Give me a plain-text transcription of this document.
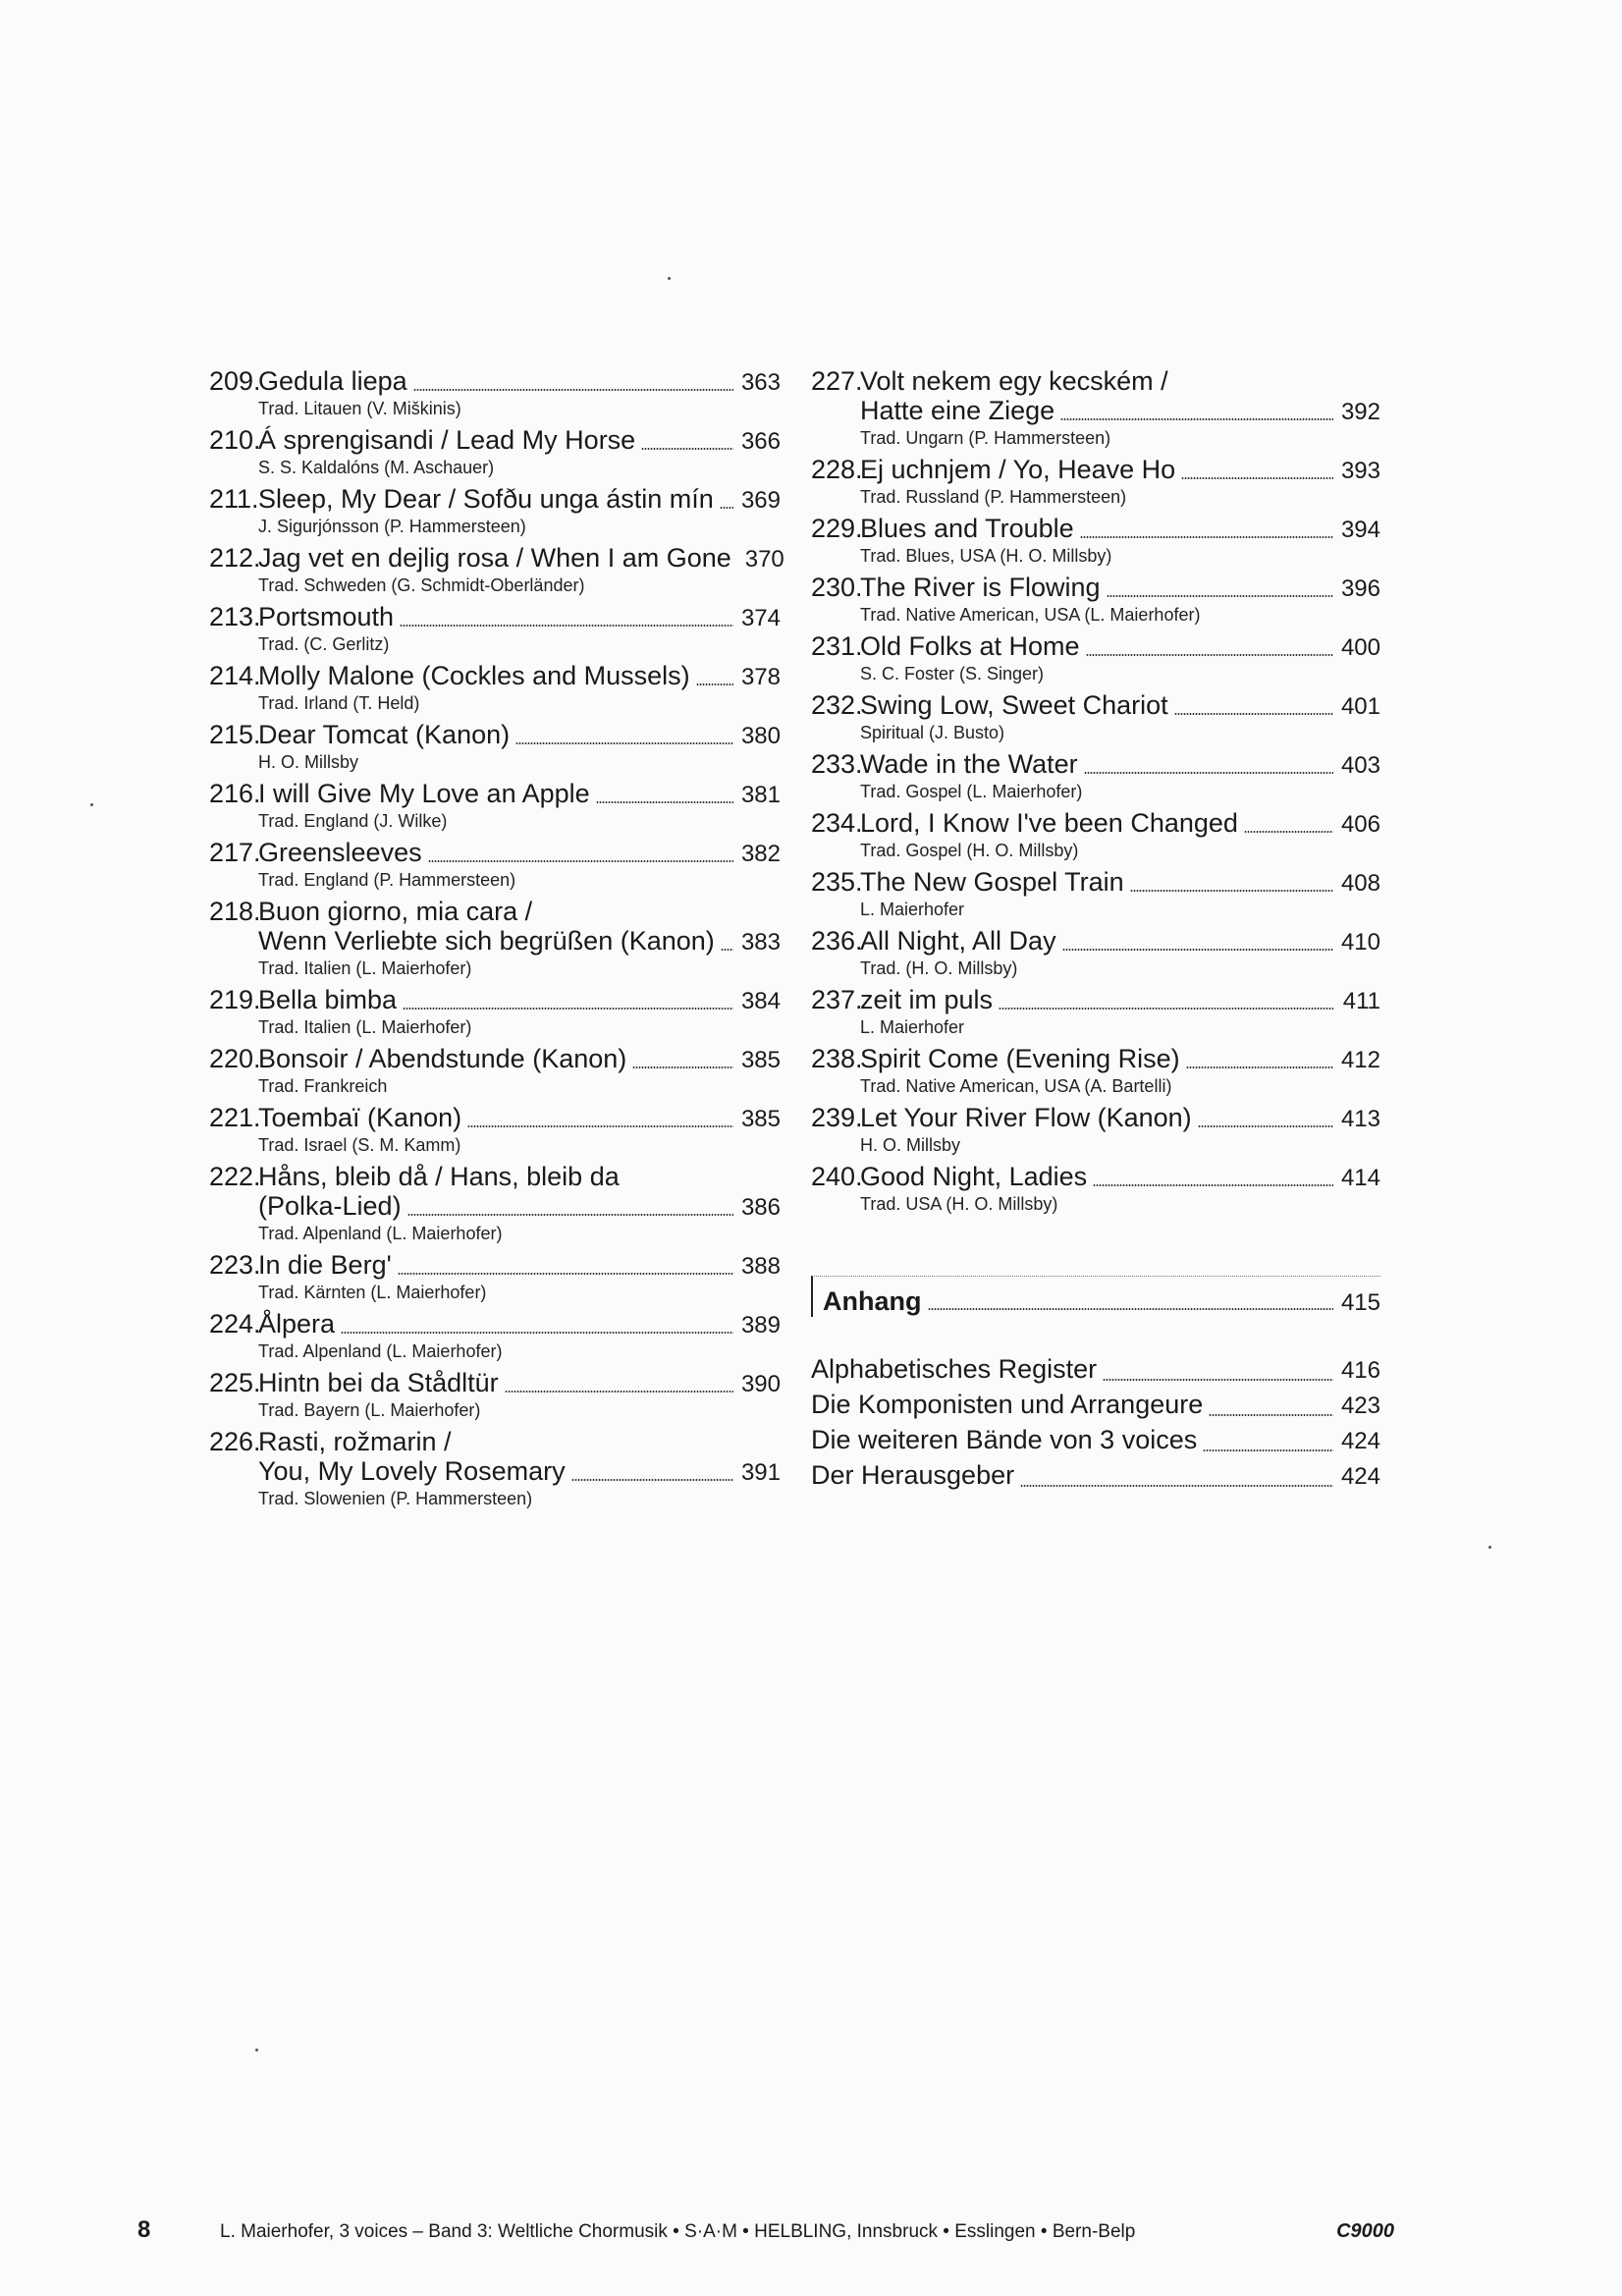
209.
Gedula liepa	363
Trad. Litauen (V. Miškinis)
210.
Á sprengisandi / Lead My Horse	366
S. S. Kaldalóns (M. Aschauer)
211. Sleep, My Dear / Sofðu unga ástin mín 369
J. Sigurjónsson (P. Hammersteen)
212.
Jag vet en dejlig rosa / When I am Gone 370
Trad. Schweden (G. Schmidt-Oberländer)
213.
Portsmouth	374
Trad. (C. Gerlitz)
214.
Molly Malone (Cockles and Mussels) 378
Trad. Irland (T. Held)
215.
Dear Tomcat (Kanon)	380
H. O. Millsby
216.
I will Give My Love an Apple	381
Trad. England (J. Wilke)
217.
Greensleeves	382
Trad. England (P. Hammersteen)
218.
Buon giorno, mia cara /
Wenn Verliebte sich begrüßen (Kanon) 383
Trad. Italien (L. Maierhofer)
219.
Bella bimba	384
Trad. Italien (L. Maierhofer)
220.
Bonsoir / Abendstunde (Kanon)	385
Trad. Frankreich
221.
Toembaï (Kanon)	385
Trad. Israel (S. M. Kamm)
222.
Håns, bleib då / Hans, bleib da
(Polka-Lied)	386
Trad. Alpenland (L. Maierhofer)
223.
In die Berg'	388
Trad. Kärnten (L. Maierhofer)
224.
Ålpera	389
Trad. Alpenland (L. Maierhofer)
225.
Hintn bei da Stådltür	390
Trad. Bayern (L. Maierhofer)
226.
Rasti, rožmarin /
You, My Lovely Rosemary	391
Trad. Slowenien (P. Hammersteen)
227.
Volt nekem egy kecském /
Hatte eine Ziege	392
Trad. Ungarn (P. Hammersteen)
228.
Ej uchnjem / Yo, Heave Ho	393
Trad. Russland (P. Hammersteen)
229.
Blues and Trouble	394
Trad. Blues, USA (H. O. Millsby)
230.
The River is Flowing	396
Trad. Native American, USA (L. Maierhofer)
231.
Old Folks at Home	400
S. C. Foster (S. Singer)
232.
Swing Low, Sweet Chariot	401
Spiritual (J. Busto)
233.
Wade in the Water	403
Trad. Gospel (L. Maierhofer)
234.
Lord, I Know I've been Changed	406
Trad. Gospel (H. O. Millsby)
235.
The New Gospel Train	408
L. Maierhofer
236.
All Night, All Day	410
Trad. (H. O. Millsby)
237.
zeit im puls	411
L. Maierhofer
238.
Spirit Come (Evening Rise)	412
Trad. Native American, USA (A. Bartelli)
239.
Let Your River Flow (Kanon)	413
H. O. Millsby
240.
Good Night, Ladies	414
Trad. USA (H. O. Millsby)
Anhang	415
Alphabetisches Register	416
Die Komponisten und Arrangeure	423
Die weiteren Bände von 3 voices	424
Der Herausgeber	424
8	L. Maierhofer, 3 voices – Band 3: Weltliche Chormusik • S·A·M • HELBLING, Innsbruck • Esslingen • Bern-Belp	C9000
